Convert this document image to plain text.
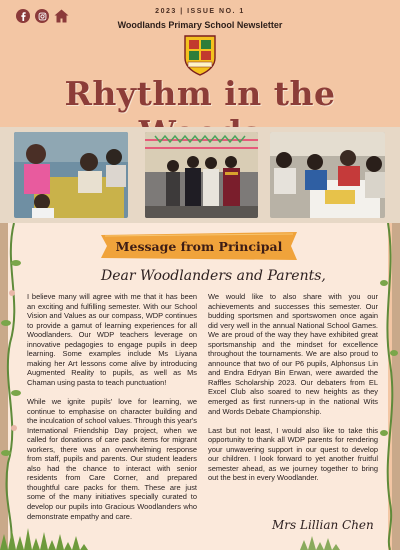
2023 | ISSUE NO. 1
Woodlands Primary School Newsletter
Rhythm in the
Message from Principal
Dear Woodlanders and Parents,

I believe many will agree with me that it has been an exciting and fulfilling semester. With our School Vision and Values as our compass, WDP continues to provide a gamut of learning experiences for all Woodlanders. Our WDP teachers leverage on innovative pedagogies to engage pupils in deep learning. Some examples include Ms Liyana making her Art lessons come alive by introducing Augmented Reality to pupils, as well as Ms Chaman using pasta to teach punctuation!

While we ignite pupils' love for learning, we continue to emphasise on character building and the inculcation of school values. Through this year's International Friendship Day project, when we called for donations of care pack items for migrant workers, there was an overwhelming response from staff, pupils and parents. Our student leaders also had the chance to interact with senior residents from Care Corner, and prepared thoughtful care packs for them. These are just some of the many initiatives specially curated to develop our pupils into Gracious Woodlanders who demonstrate empathy and care.

We would like to also share with you our achievements and successes this semester. Our budding sportsmen and sportswomen once again did very well in the annual National School Games. We are proud of the way they have exhibited great sportsmanship and the mindset for excellence throughout the tournaments. We are also proud to announce that two of our P6 pupils, Alphonsus Lin and Endra Edryan Bin Erwan, were awarded the Raffles Scholarship 2023. Our debaters from EL Excel Club also soared to new heights as they emerged as first runners-up in the national Wits and Words Debate Championship.

Last but not least, I would also like to take this opportunity to thank all WDP parents for rendering your unwavering support in our quest to develop our children. I look forward to yet another fruitful semester ahead, as we journey together to bring out the best in every Woodlander.

Mrs Lillian Chen
